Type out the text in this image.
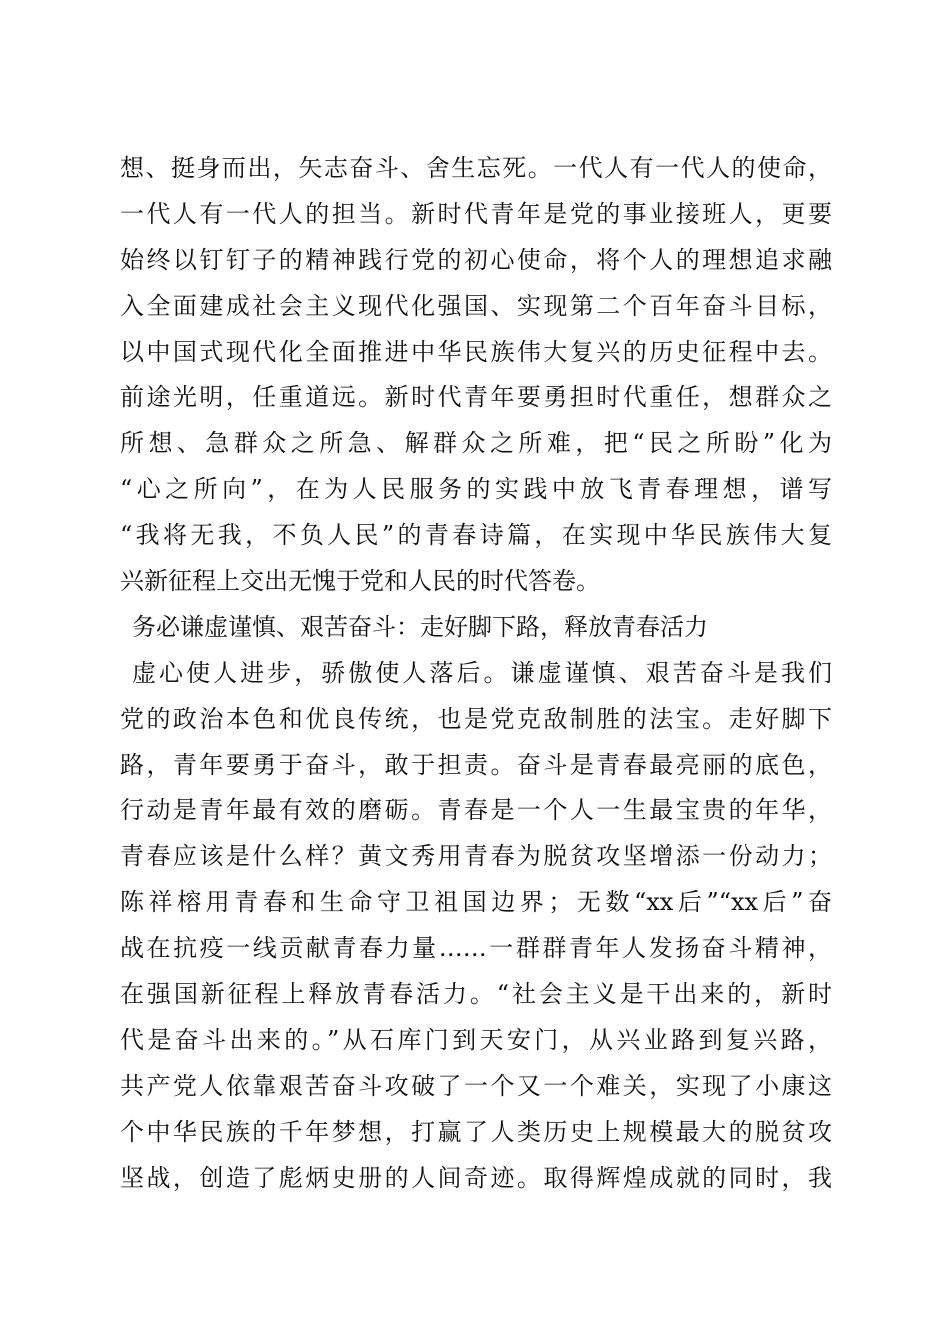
想、挺身而出，矢志奋斗、舍生忘死。一代人有一代人的使命，
一代人有一代人的担当。新时代青年是党的事业接班人，更要
始终以钉钉子的精神践行党的初心使命，将个人的理想追求融
入全面建成社会主义现代化强国、实现第二个百年奋斗目标，
以中国式现代化全面推进中华民族伟大复兴的历史征程中去。
前途光明，任重道远。新时代青年要勇担时代重任，想群众之
所想、急群众之所急、解群众之所难，把“民之所盼”化为
“心之所向”，在为人民服务的实践中放飞青春理想，谱写
“我将无我，不负人民”的青春诗篇，在实现中华民族伟大复
兴新征程上交出无愧于党和人民的时代答卷。
务必谦虚谨慎、艰苦奋斗：走好脚下路，释放青春活力
虚心使人进步，骄傲使人落后。谦虚谨慎、艰苦奋斗是我们
党的政治本色和优良传统，也是党克敌制胜的法宝。走好脚下
路，青年要勇于奋斗，敢于担责。奋斗是青春最亮丽的底色，
行动是青年最有效的磨砺。青春是一个人一生最宝贵的年华，
青春应该是什么样？黄文秀用青春为脱贫攻坚增添一份动力；
陈祥榕用青春和生命守卫祖国边界；无数“xx后”“xx后”奋
战在抗疫一线贡献青春力量……一群群青年人发扬奋斗精神，
在强国新征程上释放青春活力。“社会主义是干出来的，新时
代是奋斗出来的。”从石库门到天安门，从兴业路到复兴路，
共产党人依靠艰苦奋斗攻破了一个又一个难关，实现了小康这
个中华民族的千年梦想，打赢了人类历史上规模最大的脱贫攻
坚战，创造了彪炳史册的人间奇迹。取得辉煌成就的同时，我
